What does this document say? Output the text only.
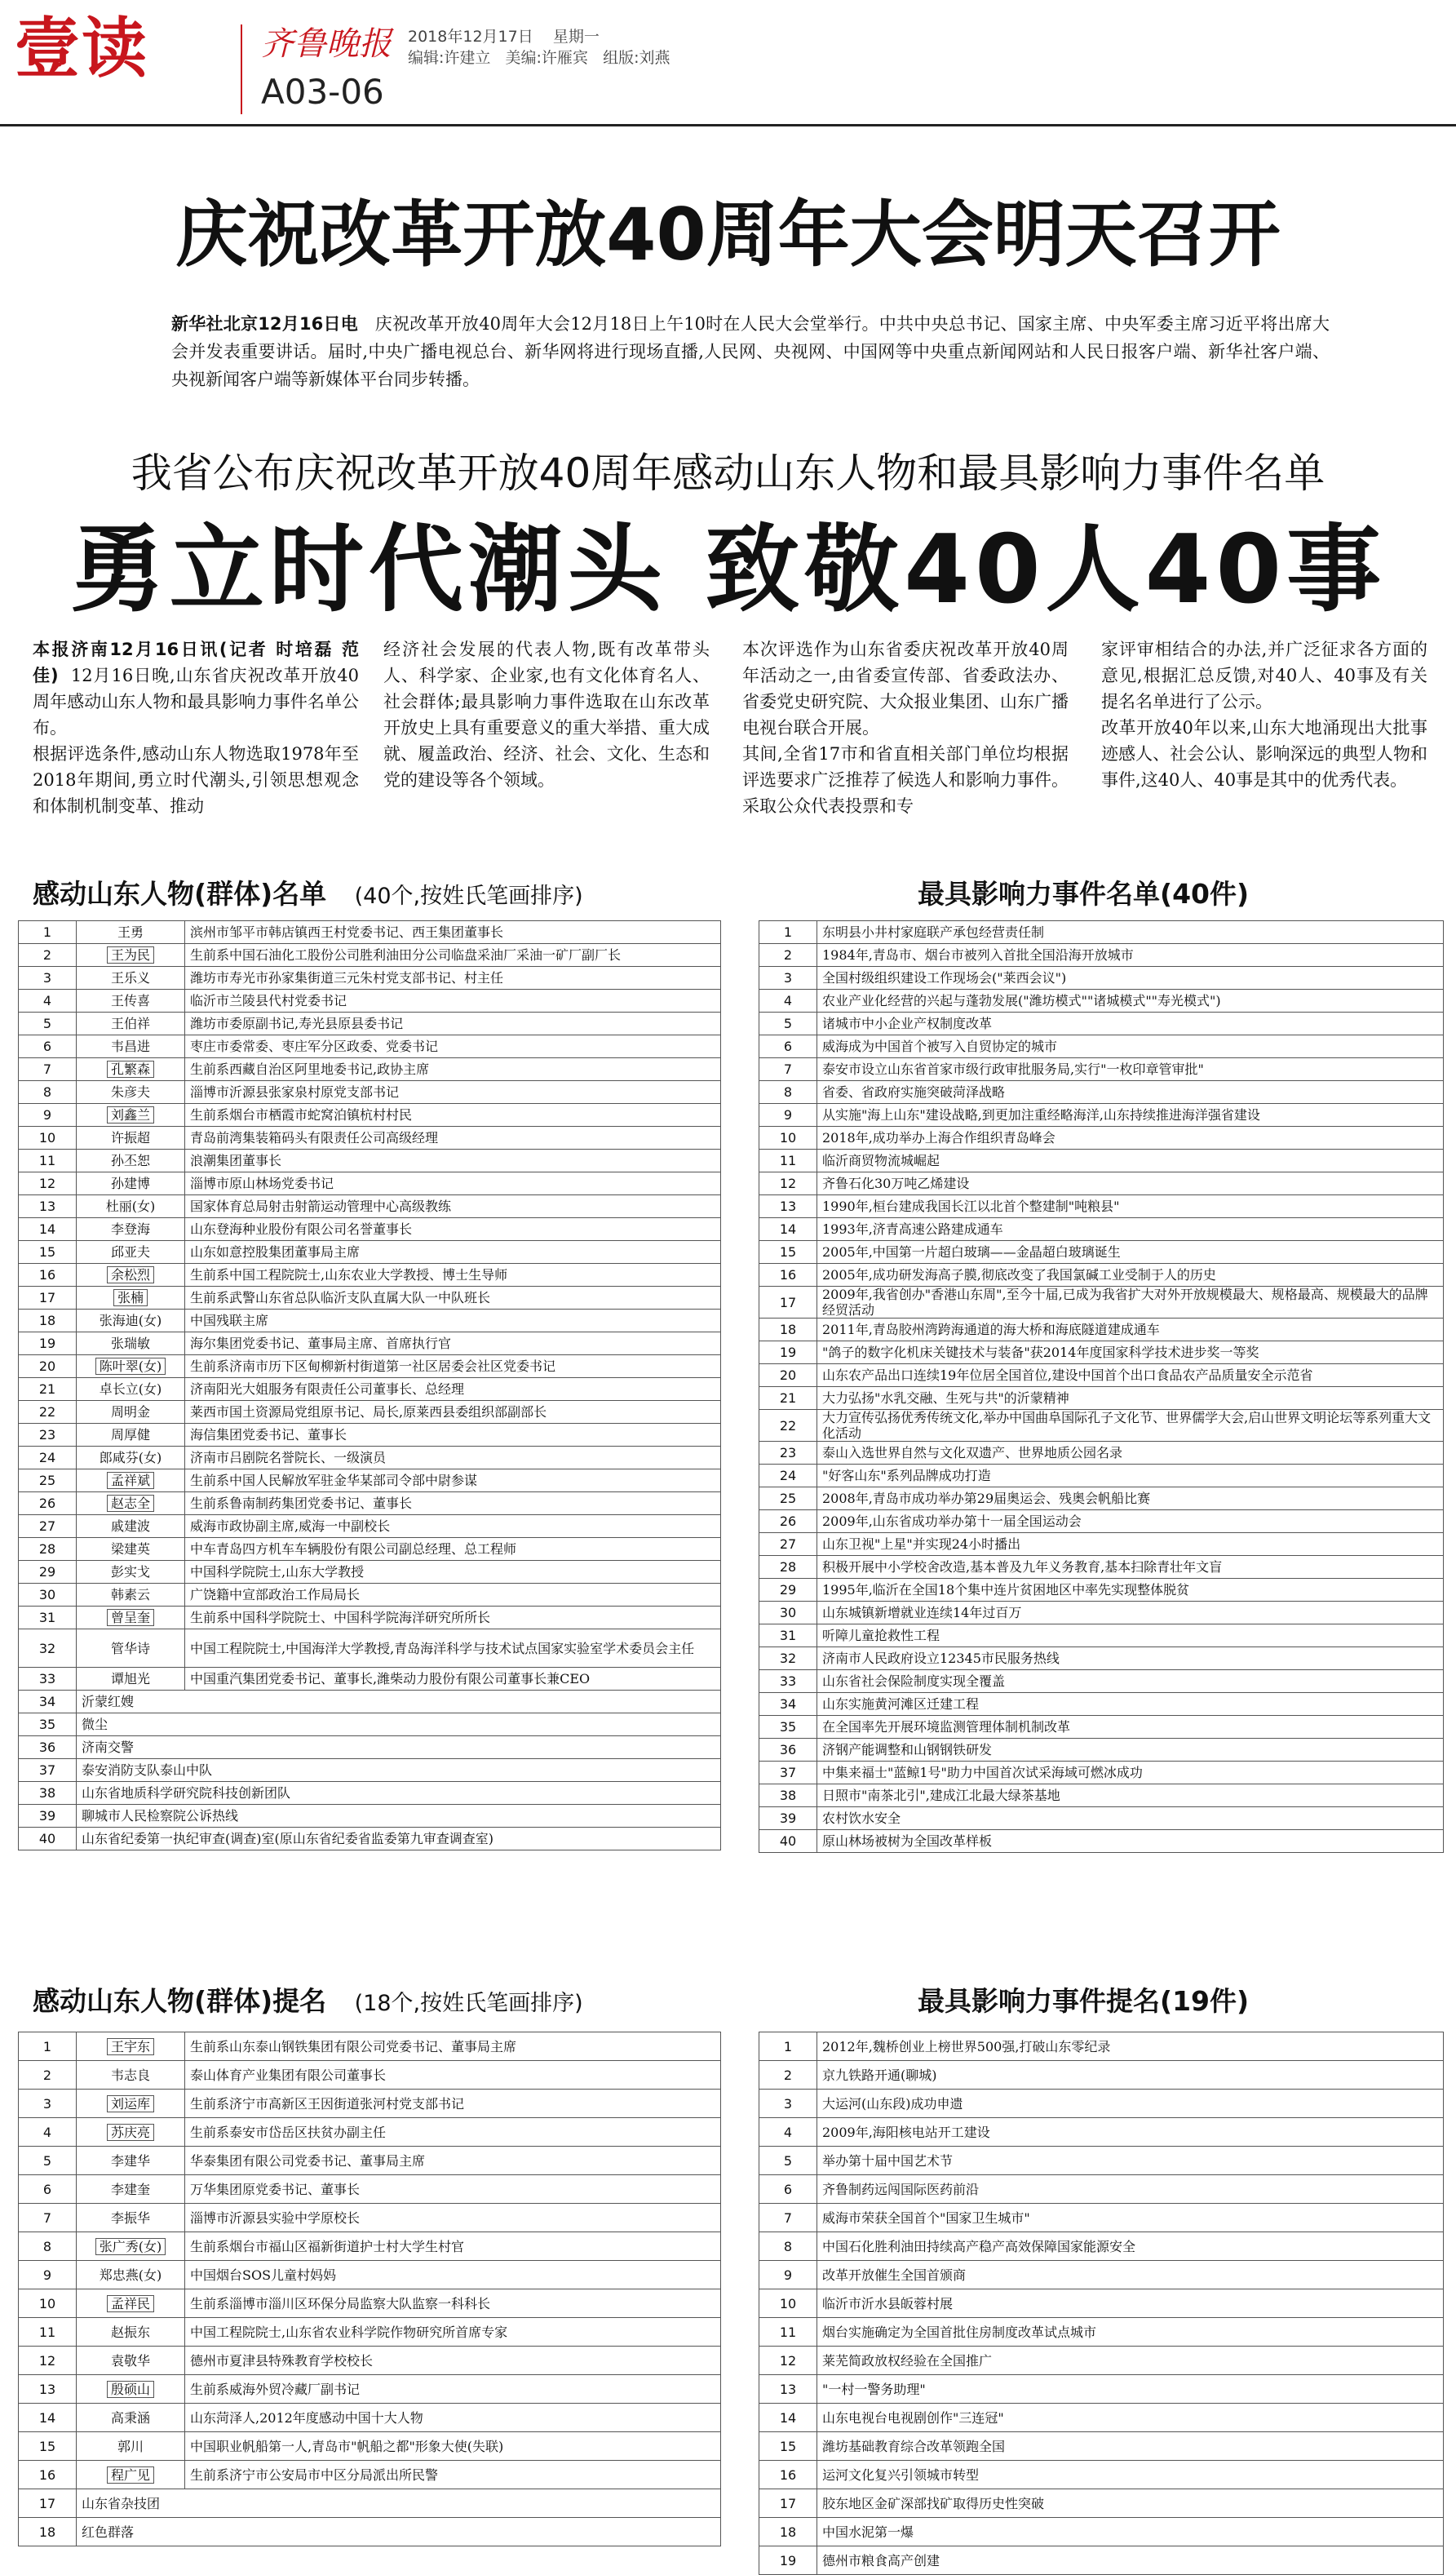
壹读	齐鲁晚报
A03-06
2018年12月17日 星期一
编辑:许建立 美编:许雁宾 组版:刘燕
庆祝改革开放40周年大会明天召开
新华社北京12月16日电 庆祝改革开放40周年大会12月18日上午10时在人民大会堂举行。中共中央总书记、国家主席、中央军委主席习近平将出席大会并发表重要讲话。届时,中央广播电视总台、新华网将进行现场直播,人民网、央视网、中国网等中央重点新闻网站和人民日报客户端、新华社客户端、央视新闻客户端等新媒体平台同步转播。
我省公布庆祝改革开放40周年感动山东人物和最具影响力事件名单
勇立时代潮头 致敬40人40事
本报济南12月16日讯(记者 时培磊 范佳) 12月16日晚,山东省庆祝改革开放40周年感动山东人物和最具影响力事件名单公布。
根据评选条件,感动山东人物选取1978年至2018年期间,勇立时代潮头,引领思想观念和体制机制变革、推动
经济社会发展的代表人物,既有改革带头人、科学家、企业家,也有文化体育名人、社会群体;最具影响力事件选取在山东改革开放史上具有重要意义的重大举措、重大成就、履盖政治、经济、社会、文化、生态和党的建设等各个领域。
本次评选作为山东省委庆祝改革开放40周年活动之一,由省委宣传部、省委政法办、省委党史研究院、大众报业集团、山东广播电视台联合开展。
其间,全省17市和省直相关部门单位均根据评选要求广泛推荐了候选人和影响力事件。采取公众代表投票和专
家评审相结合的办法,并广泛征求各方面的意见,根据汇总反馈,对40人、40事及有关提名名单进行了公示。
改革开放40年以来,山东大地涌现出大批事迹感人、社会公认、影响深远的典型人物和事件,这40人、40事是其中的优秀代表。
感动山东人物(群体)名单 (40个,按姓氏笔画排序)	最具影响力事件名单(40件)
1	王勇	滨州市邹平市韩店镇西王村党委书记、西王集团董事长
2	王为民	生前系中国石油化工股份公司胜利油田分公司临盘采油厂采油一矿厂副厂长
3	王乐义	潍坊市寿光市孙家集街道三元朱村党支部书记、村主任
4	王传喜	临沂市兰陵县代村党委书记
5	王伯祥	潍坊市委原副书记,寿光县原县委书记
6	韦昌进	枣庄市委常委、枣庄军分区政委、党委书记
7	孔繁森	生前系西藏自治区阿里地委书记,政协主席
8	朱彦夫	淄博市沂源县张家泉村原党支部书记
9	刘鑫兰	生前系烟台市栖霞市蛇窝泊镇杭村村民
10	许振超	青岛前湾集装箱码头有限责任公司高级经理
11	孙丕恕	浪潮集团董事长
12	孙建博	淄博市原山林场党委书记
13	杜丽(女)	国家体育总局射击射箭运动管理中心高级教练
14	李登海	山东登海种业股份有限公司名誉董事长
15	邱亚夫	山东如意控股集团董事局主席
16	余松烈	生前系中国工程院院士,山东农业大学教授、博士生导师
17	张楠	生前系武警山东省总队临沂支队直属大队一中队班长
18	张海迪(女)	中国残联主席
19	张瑞敏	海尔集团党委书记、董事局主席、首席执行官
20	陈叶翠(女)	生前系济南市历下区甸柳新村街道第一社区居委会社区党委书记
21	卓长立(女)	济南阳光大姐服务有限责任公司董事长、总经理
22	周明金	莱西市国土资源局党组原书记、局长,原莱西县委组织部副部长
23	周厚健	海信集团党委书记、董事长
24	郎咸芬(女)	济南市吕剧院名誉院长、一级演员
25	孟祥斌	生前系中国人民解放军驻金华某部司令部中尉参谋
26	赵志全	生前系鲁南制药集团党委书记、董事长
27	戚建波	威海市政协副主席,威海一中副校长
28	梁建英	中车青岛四方机车车辆股份有限公司副总经理、总工程师
29	彭实戈	中国科学院院士,山东大学教授
30	韩素云	广饶籍中宣部政治工作局局长
31	曾呈奎	生前系中国科学院院士、中国科学院海洋研究所所长
32	管华诗	中国工程院院士,中国海洋大学教授,青岛海洋科学与技术试点国家实验室学术委员会主任
33	谭旭光	中国重汽集团党委书记、董事长,潍柴动力股份有限公司董事长兼CEO
34	沂蒙红嫂	
35	微尘	
36	济南交警	
37	泰安消防支队泰山中队	
38	山东省地质科学研究院科技创新团队	
39	聊城市人民检察院公诉热线	
40	山东省纪委第一执纪审查(调查)室(原山东省纪委省监委第九审查调查室)	
1	东明县小井村家庭联产承包经营责任制
2	1984年,青岛市、烟台市被列入首批全国沿海开放城市
3	全国村级组织建设工作现场会("莱西会议")
4	农业产业化经营的兴起与蓬勃发展("潍坊模式""诸城模式""寿光模式")
5	诸城市中小企业产权制度改革
6	威海成为中国首个被写入自贸协定的城市
7	泰安市设立山东省首家市级行政审批服务局,实行"一枚印章管审批"
8	省委、省政府实施突破菏泽战略
9	从实施"海上山东"建设战略,到更加注重经略海洋,山东持续推进海洋强省建设
10	2018年,成功举办上海合作组织青岛峰会
11	临沂商贸物流城崛起
12	齐鲁石化30万吨乙烯建设
13	1990年,桓台建成我国长江以北首个整建制"吨粮县"
14	1993年,济青高速公路建成通车
15	2005年,中国第一片超白玻璃——金晶超白玻璃诞生
16	2005年,成功研发海高子膜,彻底改变了我国氯碱工业受制于人的历史
17	2009年,我省创办"香港山东周",至今十届,已成为我省扩大对外开放规模最大、规格最高、规模最大的品牌经贸活动
18	2011年,青岛胶州湾跨海通道的海大桥和海底隧道建成通车
19	"鸽子的数字化机床关键技术与装备"获2014年度国家科学技术进步奖一等奖
20	山东农产品出口连续19年位居全国首位,建设中国首个出口食品农产品质量安全示范省
21	大力弘扬"水乳交融、生死与共"的沂蒙精神
22	大力宣传弘扬优秀传统文化,举办中国曲阜国际孔子文化节、世界儒学大会,启山世界文明论坛等系列重大文化活动
23	泰山入选世界自然与文化双遗产、世界地质公园名录
24	"好客山东"系列品牌成功打造
25	2008年,青岛市成功举办第29届奥运会、残奥会帆船比赛
26	2009年,山东省成功举办第十一届全国运动会
27	山东卫视"上星"并实现24小时播出
28	积极开展中小学校舍改造,基本普及九年义务教育,基本扫除青壮年文盲
29	1995年,临沂在全国18个集中连片贫困地区中率先实现整体脱贫
30	山东城镇新增就业连续14年过百万
31	听障儿童抢救性工程
32	济南市人民政府设立12345市民服务热线
33	山东省社会保险制度实现全覆盖
34	山东实施黄河滩区迁建工程
35	在全国率先开展环境监测管理体制机制改革
36	济钢产能调整和山钢钢铁研发
37	中集来福士"蓝鲸1号"助力中国首次试采海域可燃冰成功
38	日照市"南茶北引",建成江北最大绿茶基地
39	农村饮水安全
40	原山林场被树为全国改革样板
感动山东人物(群体)提名 (18个,按姓氏笔画排序)	最具影响力事件提名(19件)
1	王宇东	生前系山东泰山钢铁集团有限公司党委书记、董事局主席
2	韦志良	泰山体育产业集团有限公司董事长
3	刘运库	生前系济宁市高新区王因街道张河村党支部书记
4	苏庆亮	生前系泰安市岱岳区扶贫办副主任
5	李建华	华泰集团有限公司党委书记、董事局主席
6	李建奎	万华集团原党委书记、董事长
7	李振华	淄博市沂源县实验中学原校长
8	张广秀(女)	生前系烟台市福山区福新街道护士村大学生村官
9	郑忠燕(女)	中国烟台SOS儿童村妈妈
10	孟祥民	生前系淄博市淄川区环保分局监察大队监察一科科长
11	赵振东	中国工程院院士,山东省农业科学院作物研究所首席专家
12	袁敬华	德州市夏津县特殊教育学校校长
13	殷硕山	生前系威海外贸冷藏厂副书记
14	高秉涵	山东菏泽人,2012年度感动中国十大人物
15	郭川	中国职业帆船第一人,青岛市"帆船之都"形象大使(失联)
16	程广见	生前系济宁市公安局市中区分局派出所民警
17	山东省杂技团	
18	红色群落	
1	2012年,魏桥创业上榜世界500强,打破山东零纪录
2	京九铁路开通(聊城)
3	大运河(山东段)成功申遗
4	2009年,海阳核电站开工建设
5	举办第十届中国艺术节
6	齐鲁制药远闯国际医药前沿
7	威海市荣获全国首个"国家卫生城市"
8	中国石化胜利油田持续高产稳产高效保障国家能源安全
9	改革开放催生全国首颁商
10	临沂市沂水县皈蓉村展
11	烟台实施确定为全国首批住房制度改革试点城市
12	莱芜简政放权经验在全国推广
13	"一村一警务助理"
14	山东电视台电视剧创作"三连冠"
15	潍坊基础教育综合改革领跑全国
16	运河文化复兴引领城市转型
17	胶东地区金矿深部找矿取得历史性突破
18	中国水泥第一爆
19	德州市粮食高产创建
